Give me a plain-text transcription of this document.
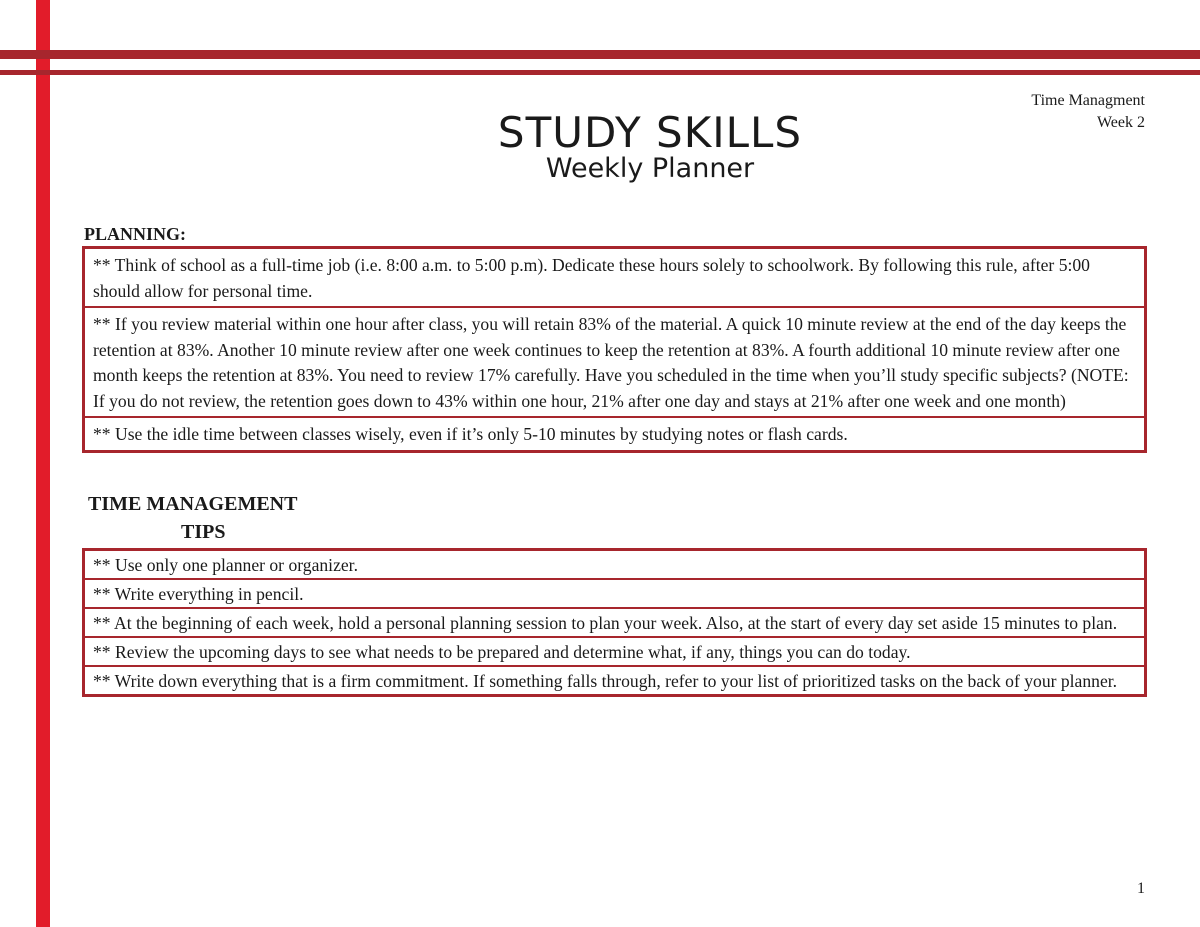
Time Managment
Week 2
STUDY SKILLS
Weekly Planner
PLANNING:
** Think of school as a full-time job (i.e. 8:00 a.m. to 5:00 p.m). Dedicate these hours solely to schoolwork. By following this rule, after 5:00 should allow for personal time.
** If you review material within one hour after class, you will retain 83% of the material. A quick 10 minute review at the end of the day keeps the retention at 83%. Another 10 minute review after one week continues to keep the retention at 83%. A fourth additional 10 minute review after one month keeps the retention at 83%. You need to review 17% carefully. Have you scheduled in the time when you’ll study specific subjects? (NOTE: If you do not review, the retention goes down to 43% within one hour, 21% after one day and stays at 21% after one week and one month)
** Use the idle time between classes wisely, even if it’s only 5-10 minutes by studying notes or flash cards.
TIME MANAGEMENT
TIPS
** Use only one planner or organizer.
** Write everything in pencil.
** At the beginning of each week, hold a personal planning session to plan your week. Also, at the start of every day set aside 15 minutes to plan.
** Review the upcoming days to see what needs to be prepared and determine what, if any, things you can do today.
** Write down everything that is a firm commitment. If something falls through, refer to your list of prioritized tasks on the back of your planner.
1
